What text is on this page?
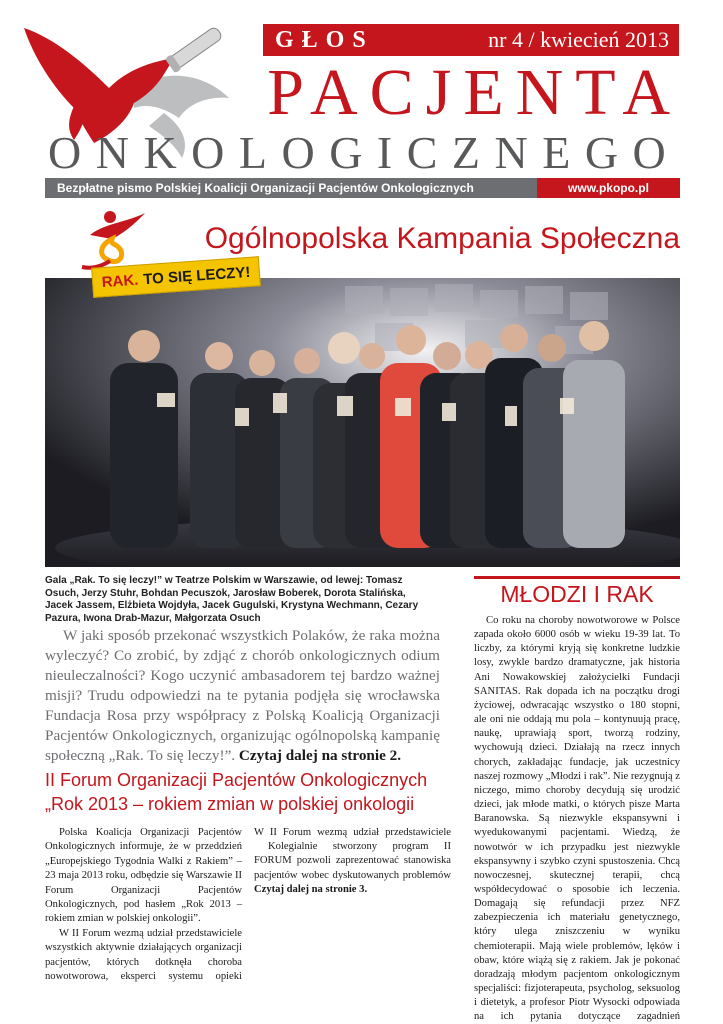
GŁOS	nr 4 / kwiecień 2013
PACJENTA
ONKOLOGICZNEGO
Bezpłatne pismo Polskiej Koalicji Organizacji Pacjentów Onkologicznych	www.pkopo.pl
Ogólnopolska Kampania Społeczna
RAK. TO SIĘ LECZY!
Gala „Rak. To się leczy!” w Teatrze Polskim w Warszawie, od lewej: Tomasz Osuch, Jerzy Stuhr, Bohdan Pecuszok, Jarosław Boberek, Dorota Stalińska, Jacek Jassem, Elżbieta Wojdyła, Jacek Gugulski, Krystyna Wechmann, Cezary Pazura, Iwona Drab-Mazur, Małgorzata Osuch
W jaki sposób przekonać wszystkich Polaków, że raka można wyleczyć? Co zrobić, by zdjąć z chorób onkologicznych odium nieuleczalności? Kogo uczynić ambasadorem tej bardzo ważnej misji? Trudu odpowiedzi na te pytania podjęła się wrocławska Fundacja Rosa przy współpracy z Polską Koalicją Organizacji Pacjentów Onkologicznych, organizując ogólnopolską kampanię społeczną „Rak. To się leczy!”. Czytaj dalej na stronie 2.
II Forum Organizacji Pacjentów Onkologicznych
„Rok 2013 – rokiem zmian w polskiej onkologii

Polska Koalicja Organizacji Pacjentów Onkologicznych informuje, że w przeddzień „Europejskiego Tygodnia Walki z Rakiem” – 23 maja 2013 roku, odbędzie się Warszawie II Forum Organizacji Pacjentów Onkologicznych, pod hasłem „Rok 2013 – rokiem zmian w polskiej onkologii”.

W II Forum wezmą udział przedstawiciele wszystkich aktywnie działających organizacji pacjentów, których dotknęła choroba nowotworowa, eksperci systemu opieki

W II Forum wezmą udział przedstawiciele

Kolegialnie stworzony program II FORUM pozwoli zaprezentować stanowiska pacjentów wobec dyskutowanych problemów Czytaj dalej na stronie 3.

MŁODZI I RAK

Co roku na choroby nowotworowe w Polsce zapada około 6000 osób w wieku 19-39 lat. To liczby, za którymi kryją się konkretne ludzkie losy, zwykle bardzo dramatyczne, jak historia Ani Nowakowskiej założycielki Fundacji SANITAS. Rak dopada ich na początku drogi życiowej, odwracając wszystko o 180 stopni, ale oni nie oddają mu pola – kontynuują pracę, naukę, uprawiają sport, tworzą rodziny, wychowują dzieci. Działają na rzecz innych chorych, zakładając fundacje, jak uczestnicy naszej rozmowy „Młodzi i rak”. Nie rezygnują z niczego, mimo choroby decydują się urodzić dzieci, jak młode matki, o których pisze Marta Baranowska. Są niezwykle ekspansywni i wyedukowanymi pacjentami. Wiedzą, że nowotwór w ich przypadku jest niezwykle ekspansywny i szybko czyni spustoszenia. Chcą nowoczesnej, skutecznej terapii, chcą współdecydować o sposobie ich leczenia. Domagają się refundacji przez NFZ zabezpieczenia ich materiału genetycznego, który ulega zniszczeniu w wyniku chemioterapii. Mają wiele problemów, lęków i obaw, które wiążą się z rakiem. Jak je pokonać doradzają młodym pacjentom onkologicznym specjaliści: fizjoterapeuta, psycholog, seksuolog i dietetyk, a profesor Piotr Wysocki odpowiada na ich pytania dotyczące zagadnień
